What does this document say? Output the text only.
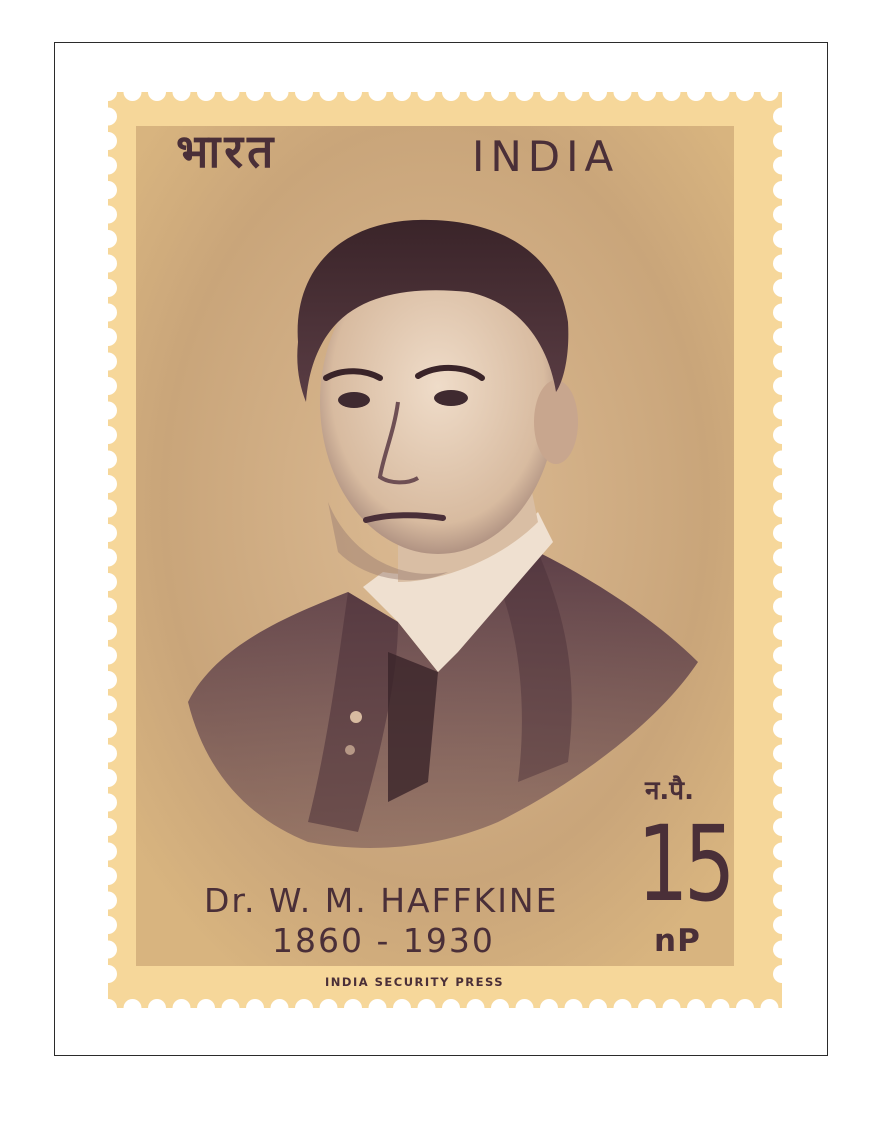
भारत	INDIA
न.पै.
15
Dr. W. M. HAFFKINE
1860 - 1930	nP
INDIA SECURITY PRESS
